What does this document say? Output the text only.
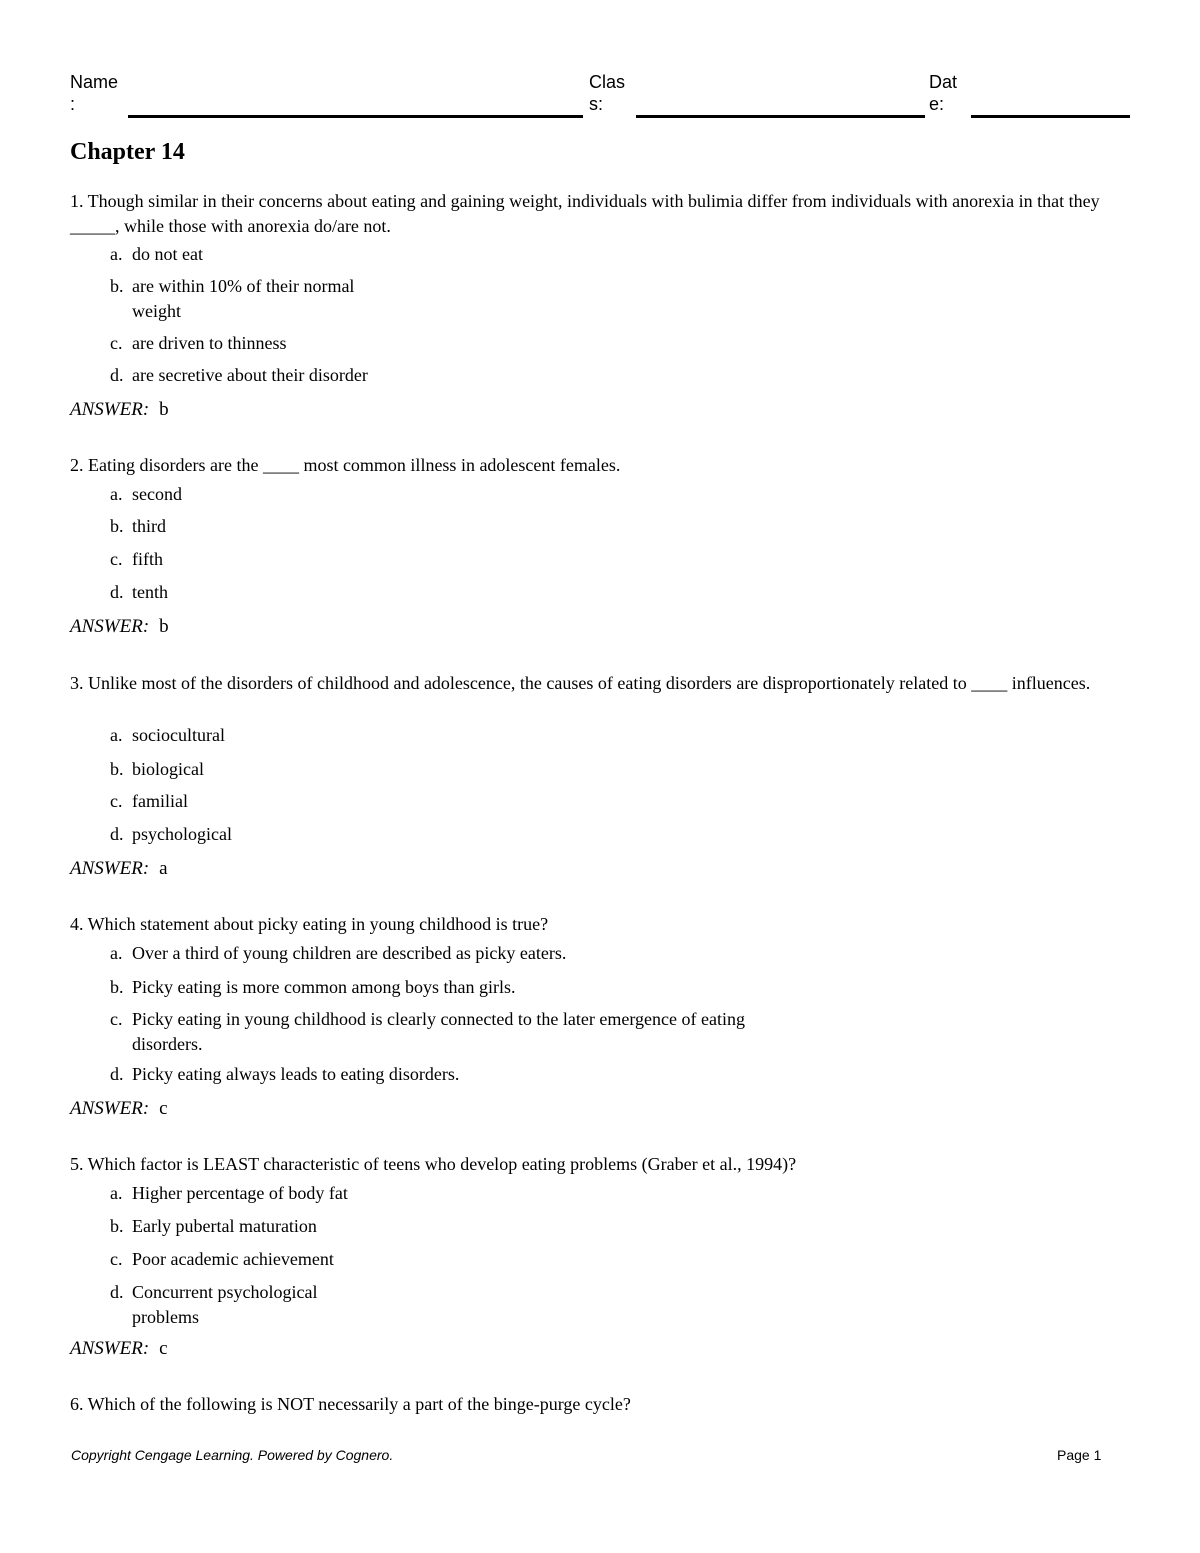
Name
:
Clas
s:
Dat
e:
Chapter 14
1. Though similar in their concerns about eating and gaining weight, individuals with bulimia differ from individuals with anorexia in that they _____, while those with anorexia do/are not.
a. do not eat
b. are within 10% of their normal
weight
c. are driven to thinness
d. are secretive about their disorder
ANSWER: b
2. Eating disorders are the ____ most common illness in adolescent females.
a. second
b. third
c. fifth
d. tenth
ANSWER: b
3. Unlike most of the disorders of childhood and adolescence, the causes of eating disorders are disproportionately related to ____ influences.
a. sociocultural
b. biological
c. familial
d. psychological
ANSWER: a
4. Which statement about picky eating in young childhood is true?
a. Over a third of young children are described as picky eaters.
b. Picky eating is more common among boys than girls.
c. Picky eating in young childhood is clearly connected to the later emergence of eating
disorders.
d. Picky eating always leads to eating disorders.
ANSWER: c
5. Which factor is LEAST characteristic of teens who develop eating problems (Graber et al., 1994)?
a. Higher percentage of body fat
b. Early pubertal maturation
c. Poor academic achievement
d. Concurrent psychological
problems
ANSWER: c
6. Which of the following is NOT necessarily a part of the binge-purge cycle?
Copyright Cengage Learning. Powered by Cognero.	Page 1
